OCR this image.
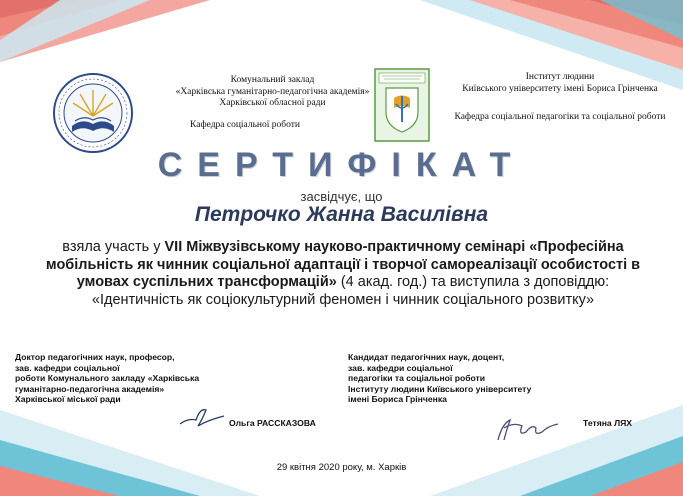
Комунальний заклад
«Харківська гуманітарно-педагогічна академія»
Харківської обласної ради
Кафедра соціальної роботи
Інститут людини
Київського університету імені Бориса Грінченка
Кафедра соціальної педагогіки та соціальної роботи
СЕРТИФІКАТ
засвідчує, що
Петрочко Жанна Василівна
взяла участь у VII Міжвузівському науково-практичному семінарі «Професійна мобільність як чинник соціальної адаптації і творчої самореалізації особистості в умовах суспільних трансформацій» (4 акад. год.) та виступила з доповіддю:
«Ідентичність як соціокультурний феномен і чинник соціального розвитку»
Доктор педагогічних наук, професор,
зав. кафедри соціальної
роботи Комунального закладу «Харківська
гуманітарно-педагогічна академія»
Харківської міської ради
Ольга РАССКАЗОВА
Кандидат педагогічних наук, доцент,
зав. кафедри соціальної
педагогіки та соціальної роботи
Інституту людини Київського університету
імені Бориса Грінченка
Тетяна ЛЯХ
29 квітня 2020 року, м. Харків
